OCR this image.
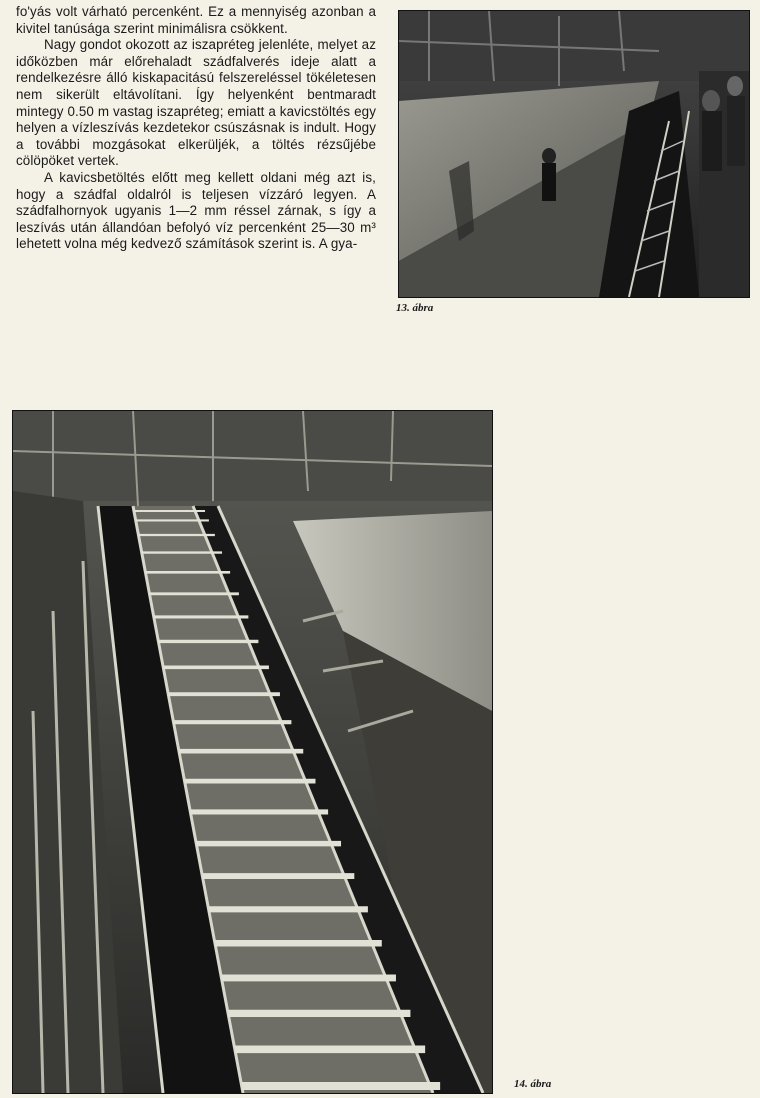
fo'yás volt várható percenként. Ez a mennyiség azonban a kivitel tanúsága szerint minimálisra csökkent.

Nagy gondot okozott az iszapréteg jelenléte, melyet az időközben már előrehaladt szádfalverés ideje alatt a rendelkezésre álló kiskapacitású felszereléssel tökéletesen nem sikerült eltávolítani. Így helyenként bentmaradt mintegy 0.50 m vastag iszapréteg; emiatt a kavicstöltés egy helyen a vízleszívás kezdetekor csúszásnak is indult. Hogy a további mozgásokat elkerüljék, a töltés rézsűjébe cölöpöket vertek.

A kavicsbetöltés előtt meg kellett oldani még azt is, hogy a szádfal oldalról is teljesen vízzáró legyen. A szádfalhornyok ugyanis 1—2 mm réssel zárnak, s így a leszívás után állandóan befolyó víz percenként 25—30 m³ lehetett volna még kedvező számítások szerint is. A gya-

13. ábra
14. ábra
